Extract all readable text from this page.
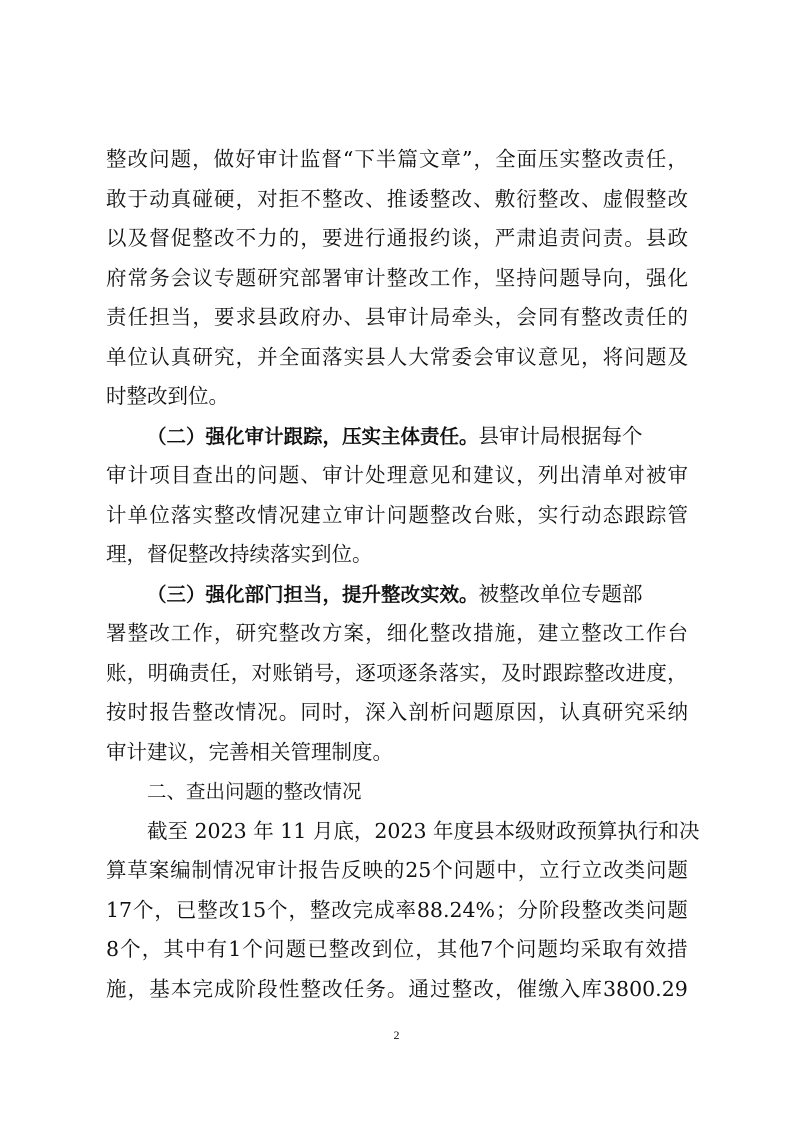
整 改 问 题 ， 做 好 审 计 监 督 “ 下 半 篇 文 章 ” ， 全 面 压 实 整 改 责 任 ，
敢 于 动 真 碰 硬 ， 对 拒 不 整 改 、 推 诿 整 改 、 敷 衍 整 改 、 虚 假 整 改
以 及 督 促 整 改 不 力 的 ， 要 进 行 通 报 约 谈 ， 严 肃 追 责 问 责 。 县 政
府 常 务 会 议 专 题 研 究 部 署 审 计 整 改 工 作 ， 坚 持 问 题 导 向 ， 强 化
责 任 担 当 ， 要 求 县 政 府 办 、 县 审 计 局 牵 头 ， 会 同 有 整 改 责 任 的
单 位 认 真 研 究 ， 并 全 面 落 实 县 人 大 常 委 会 审 议 意 见 ， 将 问 题 及
时整改到位。
（二）强化审计跟踪，压实主体责任。县审计局根据每个
审 计 项 目 查 出 的 问 题 、 审 计 处 理 意 见 和 建 议 ， 列 出 清 单 对 被 审
计 单 位 落 实 整 改 情 况 建 立 审 计 问 题 整 改 台 账 ， 实 行 动 态 跟 踪 管
理，督促整改持续落实到位。
（三）强化部门担当，提升整改实效。被整改单位专题部
署 整 改 工 作 ， 研 究 整 改 方 案 ， 细 化 整 改 措 施 ， 建 立 整 改 工 作 台
账 ， 明 确 责 任 ， 对 账 销 号 ， 逐 项 逐 条 落 实 ， 及 时 跟 踪 整 改 进 度 ，
按 时 报 告 整 改 情 况 。 同 时 ， 深 入 剖 析 问 题 原 因 ， 认 真 研 究 采 纳
审计建议，完善相关管理制度。
二、查出问题的整改情况
截至 2023 年 11 月底，2023 年度县本级财政预算执行和决
算 草 案 编 制 情 况 审 计 报 告 反 映 的 25 个 问 题 中 ， 立 行 立 改 类 问 题
17 个 ， 已 整 改 15 个 ， 整 改 完 成 率 88.24% ； 分 阶 段 整 改 类 问 题
8 个 ， 其 中 有 1 个 问 题 已 整 改 到 位 ， 其 他 7 个 问 题 均 采 取 有 效 措
施 ， 基 本 完 成 阶 段 性 整 改 任 务 。 通 过 整 改 ， 催 缴 入 库 3800.29
2
